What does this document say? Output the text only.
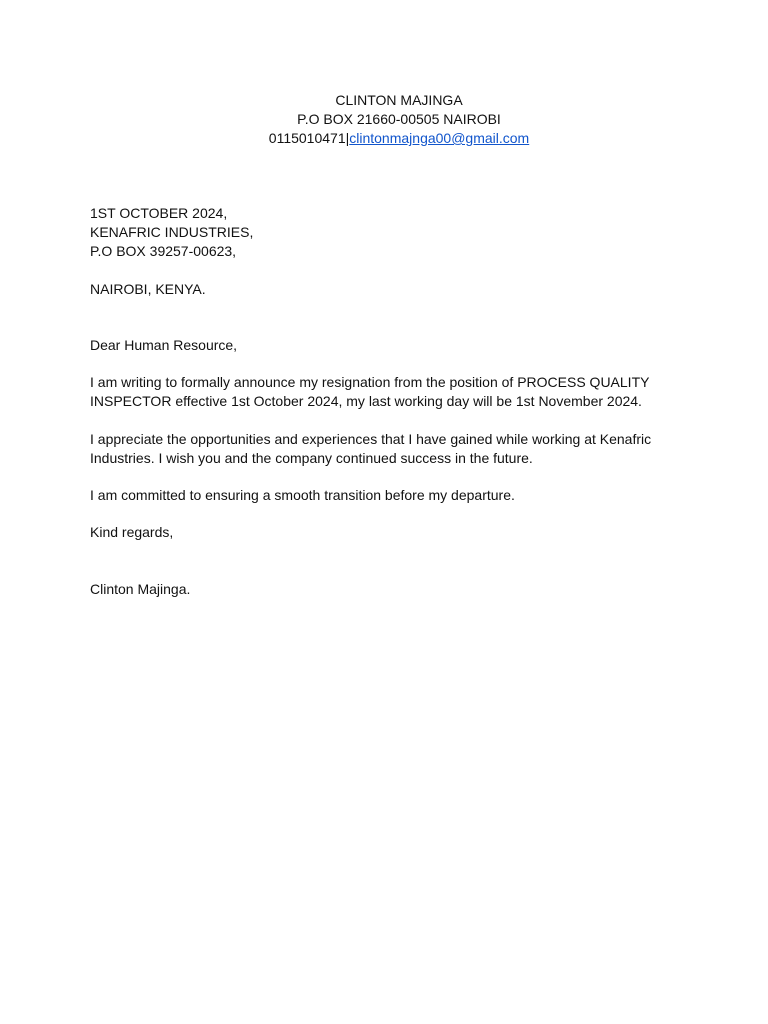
CLINTON MAJINGA
P.O BOX 21660-00505 NAIROBI
0115010471|clintonmajnga00@gmail.com
1ST OCTOBER 2024,
KENAFRIC INDUSTRIES,
P.O BOX 39257-00623,
NAIROBI, KENYA.
Dear Human Resource,
I am writing to formally announce my resignation from the position of PROCESS QUALITY INSPECTOR effective 1st October 2024, my last working day will be 1st November 2024.
I appreciate the opportunities and experiences that I have gained while working at Kenafric Industries. I wish you and the company continued success in the future.
I am committed to ensuring a smooth transition before my departure.
Kind regards,
Clinton Majinga.
